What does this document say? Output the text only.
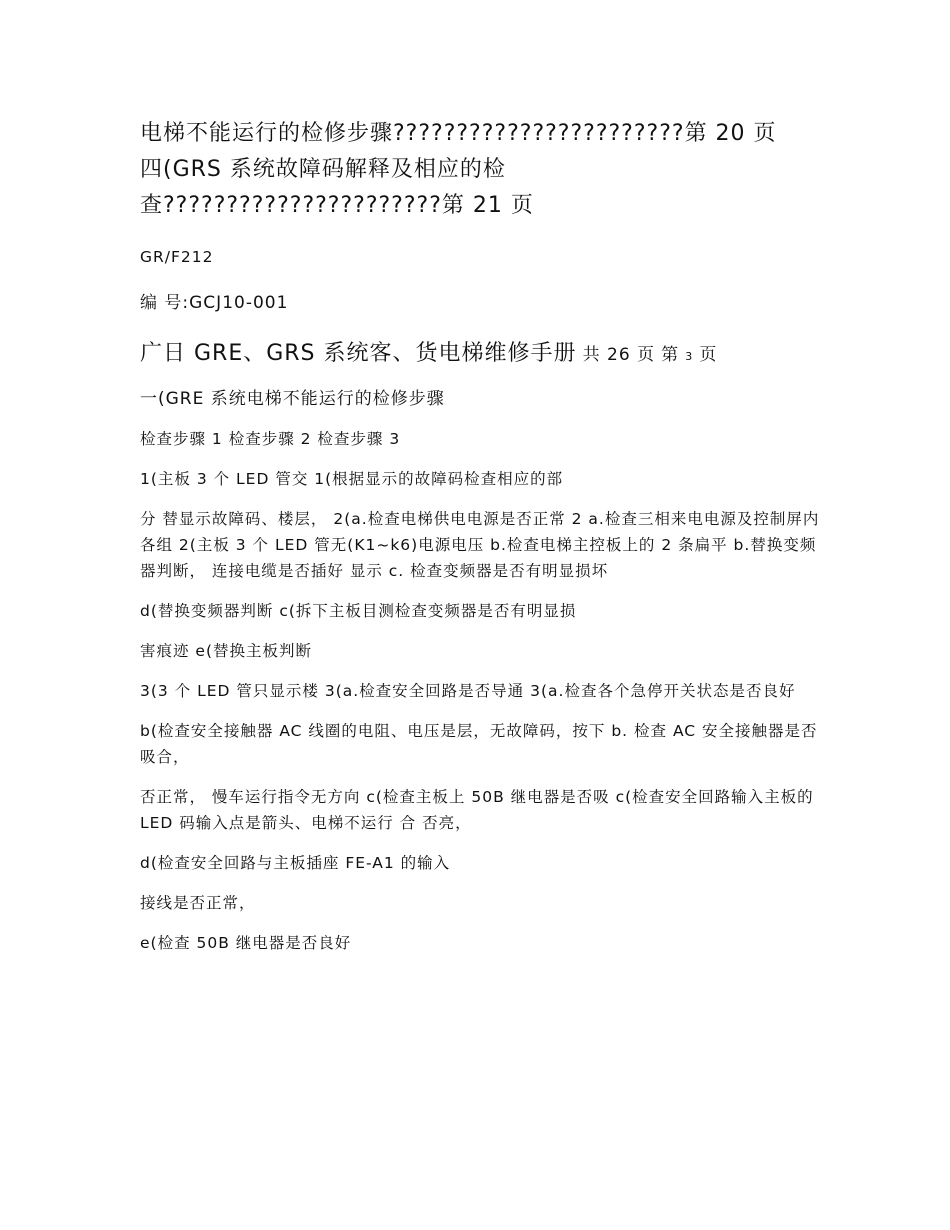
电梯不能运行的检修步骤???????????????????????第 20 页
四(GRS 系统故障码解释及相应的检
查??????????????????????第 21 页
GR/F212
编 号:GCJ10-001
广日 GRE、GRS 系统客、货电梯维修手册 共 26 页 第 3 页
一(GRE 系统电梯不能运行的检修步骤
检查步骤 1 检查步骤 2 检查步骤 3
1(主板 3 个 LED 管交 1(根据显示的故障码检查相应的部
分 替显示故障码、楼层， 2(a.检查电梯供电电源是否正常 2 a.检查三相来电电源及控制屏内各组 2(主板 3 个 LED 管无(K1~k6)电源电压 b.检查电梯主控板上的 2 条扁平 b.替换变频器判断， 连接电缆是否插好 显示 c. 检查变频器是否有明显损坏
d(替换变频器判断 c(拆下主板目测检查变频器是否有明显损
害痕迹 e(替换主板判断
3(3 个 LED 管只显示楼 3(a.检查安全回路是否导通 3(a.检查各个急停开关状态是否良好
b(检查安全接触器 AC 线圈的电阻、电压是层，无故障码，按下 b. 检查 AC 安全接触器是否吸合，
否正常， 慢车运行指令无方向 c(检查主板上 50B 继电器是否吸 c(检查安全回路输入主板的 LED 码输入点是箭头、电梯不运行 合 否亮，
d(检查安全回路与主板插座 FE-A1 的输入
接线是否正常，
e(检查 50B 继电器是否良好
